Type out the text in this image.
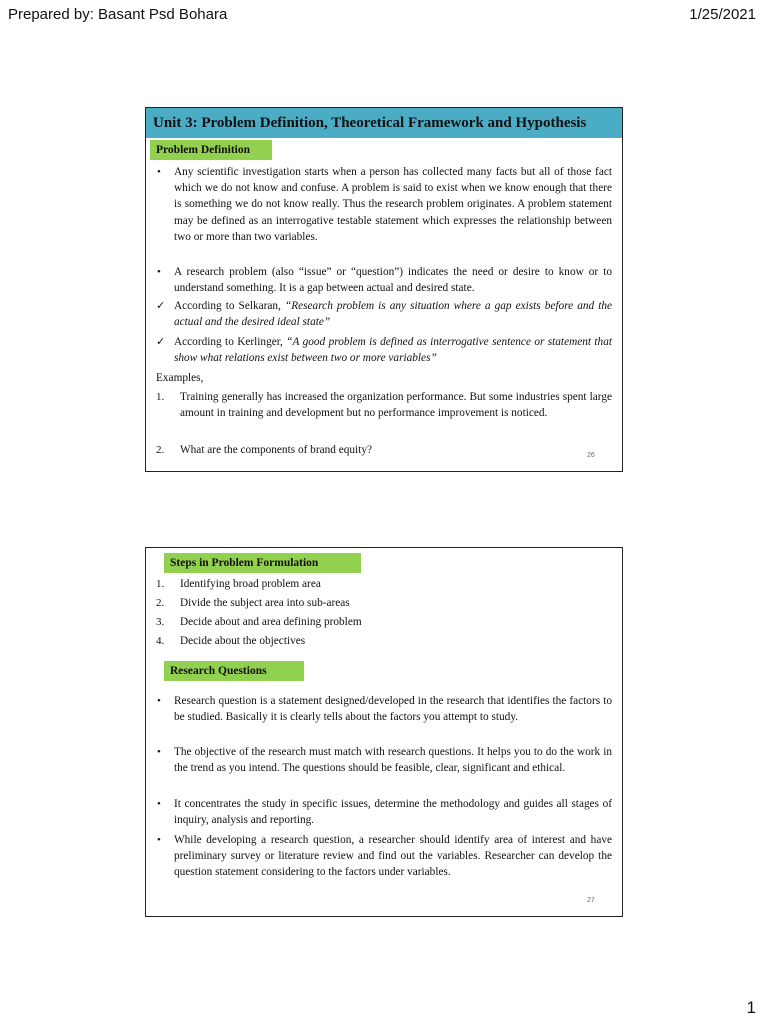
Prepared by: Basant Psd Bohara	1/25/2021
Unit 3: Problem Definition, Theoretical Framework and Hypothesis
Problem Definition
• Any scientific investigation starts when a person has collected many facts but all of those fact which we do not know and confuse. A problem is said to exist when we know enough that there is something we do not know really. Thus the research problem originates. A problem statement may be defined as an interrogative testable statement which expresses the relationship between two or more than two variables.
• A research problem (also “issue” or “question”) indicates the need or desire to know or to understand something. It is a gap between actual and desired state.
✓ According to Selkaran, “Research problem is any situation where a gap exists before and the actual and the desired ideal state”
✓ According to Kerlinger, “A good problem is defined as interrogative sentence or statement that show what relations exist between two or more variables”
Examples,
1. Training generally has increased the organization performance. But some industries spent large amount in training and development but no performance improvement is noticed.
2. What are the components of brand equity?	26
Steps in Problem Formulation
1. Identifying broad problem area
2. Divide the subject area into sub-areas
3. Decide about and area defining problem
4. Decide about the objectives
Research Questions
• Research question is a statement designed/developed in the research that identifies the factors to be studied. Basically it is clearly tells about the factors you attempt to study.
• The objective of the research must match with research questions. It helps you to do the work in the trend as you intend. The questions should be feasible, clear, significant and ethical.
• It concentrates the study in specific issues, determine the methodology and guides all stages of inquiry, analysis and reporting.
• While developing a research question, a researcher should identify area of interest and have preliminary survey or literature review and find out the variables. Researcher can develop the question statement considering to the factors under variables.
27
1
